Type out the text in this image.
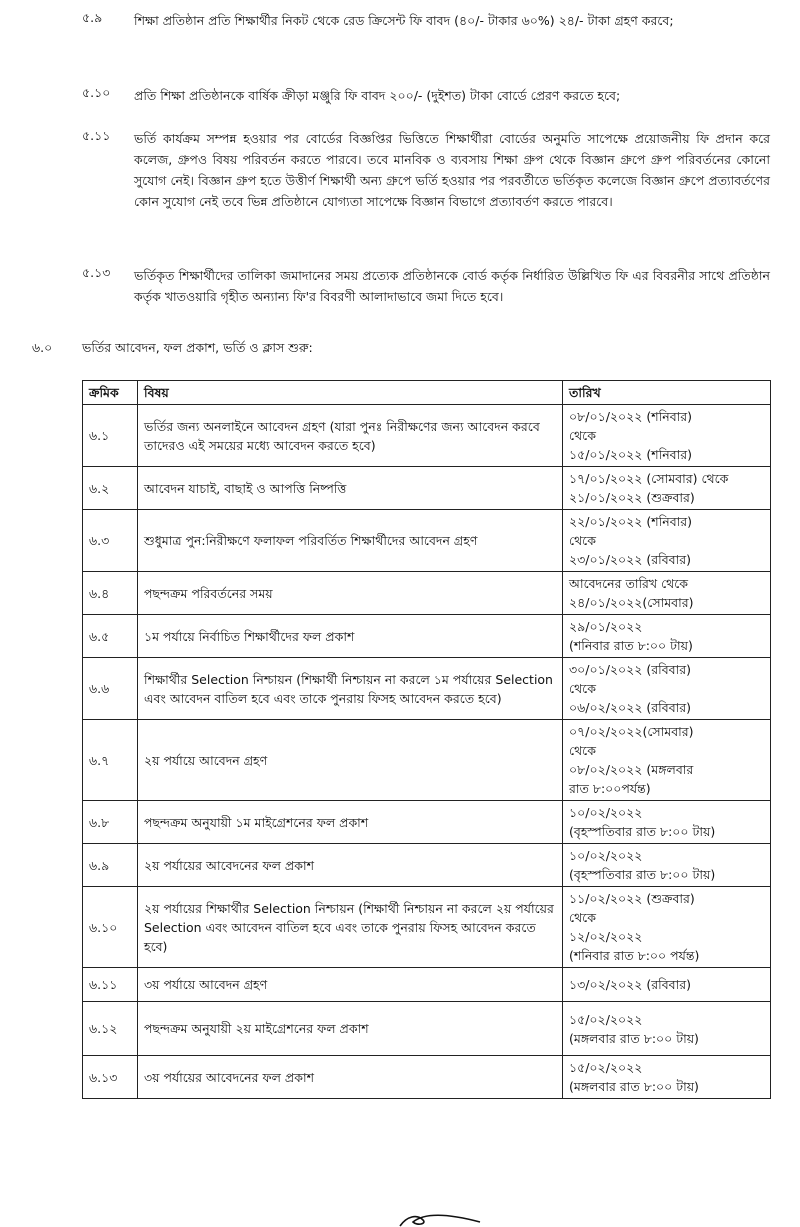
৫.৯	শিক্ষা প্রতিষ্ঠান প্রতি শিক্ষার্থীর নিকট থেকে রেড ক্রিসেন্ট ফি বাবদ (৪০/- টাকার ৬০%) ২৪/- টাকা গ্রহণ করবে;
৫.১০	প্রতি শিক্ষা প্রতিষ্ঠানকে বার্ষিক ক্রীড়া মঞ্জুরি ফি বাবদ ২০০/- (দুইশত) টাকা বোর্ডে প্রেরণ করতে হবে;
৫.১১	ভর্তি কার্যক্রম সম্পন্ন হওয়ার পর বোর্ডের বিজ্ঞপ্তির ভিত্তিতে শিক্ষার্থীরা বোর্ডের অনুমতি সাপেক্ষে প্রয়োজনীয় ফি প্রদান করে কলেজ, গ্রুপও বিষয় পরিবর্তন করতে পারবে। তবে মানবিক ও ব্যবসায় শিক্ষা গ্রুপ থেকে বিজ্ঞান গ্রুপে গ্রুপ পরিবর্তনের কোনো সুযোগ নেই। বিজ্ঞান গ্রুপ হতে উত্তীর্ণ শিক্ষার্থী অন্য গ্রুপে ভর্তি হওয়ার পর পরবর্তীতে ভর্তিকৃত কলেজে বিজ্ঞান গ্রুপে প্রত্যাবর্তণের কোন সুযোগ নেই তবে ভিন্ন প্রতিষ্ঠানে যোগ্যতা সাপেক্ষে বিজ্ঞান বিভাগে প্রত্যাবর্তণ করতে পারবে।
৫.১৩	ভর্তিকৃত শিক্ষার্থীদের তালিকা জমাদানের সময় প্রত্যেক প্রতিষ্ঠানকে বোর্ড কর্তৃক নির্ধারিত উল্লিখিত ফি এর বিবরনীর সাথে প্রতিষ্ঠান কর্তৃক খাতওয়ারি গৃহীত অন্যান্য ফি'র বিবরণী আলাদাভাবে জমা দিতে হবে।
৬.০ ভর্তির আবেদন, ফল প্রকাশ, ভর্তি ও ক্লাস শুরু:
ক্রমিক	বিষয়	তারিখ
৬.১	ভর্তির জন্য অনলাইনে আবেদন গ্রহণ (যারা পুনঃ নিরীক্ষণের জন্য আবেদন করবে তাদেরও এই সময়ের মধ্যে আবেদন করতে হবে)	০৮/০১/২০২২ (শনিবার)
থেকে
১৫/০১/২০২২ (শনিবার)

৬.২	আবেদন যাচাই, বাছাই ও আপত্তি নিষ্পত্তি	১৭/০১/২০২২ (সোমবার) থেকে
২১/০১/২০২২ (শুক্রবার)

৬.৩	শুধুমাত্র পুন:নিরীক্ষণে ফলাফল পরিবর্তিত শিক্ষার্থীদের আবেদন গ্রহণ	২২/০১/২০২২ (শনিবার)
থেকে
২৩/০১/২০২২ (রবিবার)

৬.৪	পছন্দক্রম পরিবর্তনের সময়	আবেদনের তারিখ থেকে
২৪/০১/২০২২(সোমবার)

৬.৫	১ম পর্যায়ে নির্বাচিত শিক্ষার্থীদের ফল প্রকাশ	২৯/০১/২০২২
(শনিবার রাত ৮:০০ টায়)

৬.৬	শিক্ষার্থীর Selection নিশ্চায়ন (শিক্ষার্থী নিশ্চায়ন না করলে ১ম পর্যায়ের Selection এবং আবেদন বাতিল হবে এবং তাকে পুনরায় ফিসহ আবেদন করতে হবে)	৩০/০১/২০২২ (রবিবার)
থেকে
০৬/০২/২০২২ (রবিবার)

৬.৭	২য় পর্যায়ে আবেদন গ্রহণ	০৭/০২/২০২২(সোমবার)
থেকে
০৮/০২/২০২২ (মঙ্গলবার
রাত ৮:০০পর্যন্ত)

৬.৮	পছন্দক্রম অনুযায়ী ১ম মাইগ্রেশনের ফল প্রকাশ	১০/০২/২০২২
(বৃহস্পতিবার রাত ৮:০০ টায়)

৬.৯	২য় পর্যায়ের আবেদনের ফল প্রকাশ	১০/০২/২০২২
(বৃহস্পতিবার রাত ৮:০০ টায়)

৬.১০	২য় পর্যায়ের শিক্ষার্থীর Selection নিশ্চায়ন (শিক্ষার্থী নিশ্চায়ন না করলে ২য় পর্যায়ের Selection এবং আবেদন বাতিল হবে এবং তাকে পুনরায় ফিসহ আবেদন করতে হবে)	১১/০২/২০২২ (শুক্রবার)
থেকে
১২/০২/২০২২
(শনিবার রাত ৮:০০ পর্যন্ত)

৬.১১	৩য় পর্যায়ে আবেদন গ্রহণ	১৩/০২/২০২২ (রবিবার)

৬.১২	পছন্দক্রম অনুযায়ী ২য় মাইগ্রেশনের ফল প্রকাশ	১৫/০২/২০২২
(মঙ্গলবার রাত ৮:০০ টায়)

৬.১৩	৩য় পর্যায়ের আবেদনের ফল প্রকাশ	১৫/০২/২০২২
(মঙ্গলবার রাত ৮:০০ টায়)
